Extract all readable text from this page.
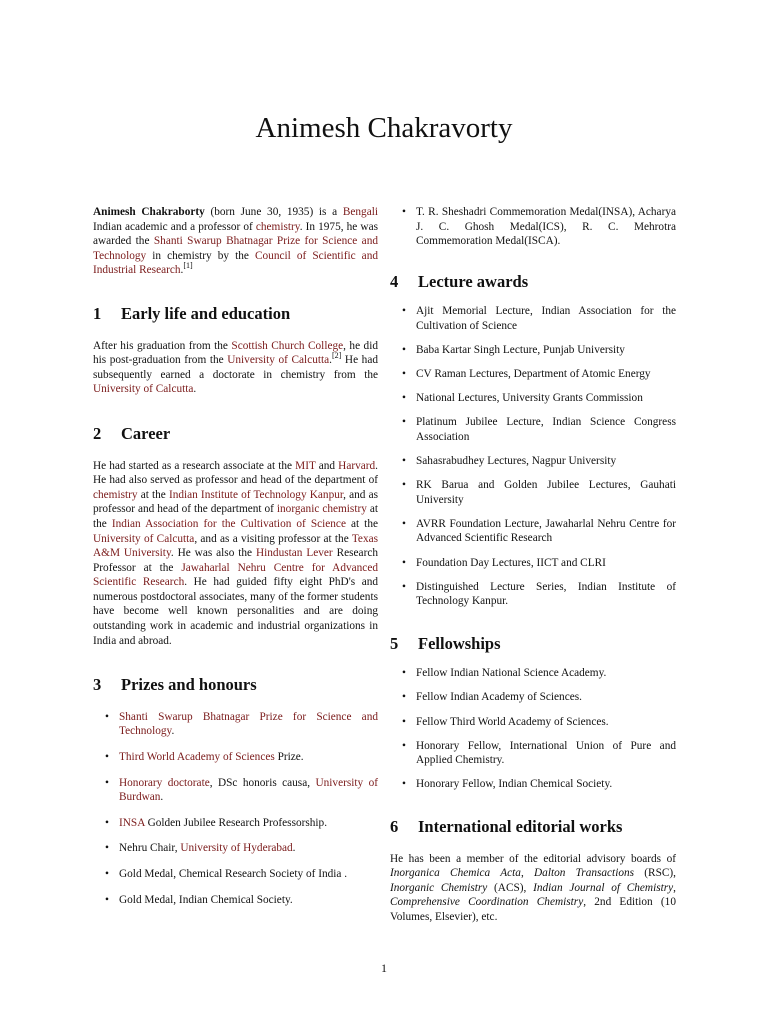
Animesh Chakravorty

Animesh Chakraborty (born June 30, 1935) is a Bengali Indian academic and a professor of chemistry. In 1975, he was awarded the Shanti Swarup Bhatnagar Prize for Science and Technology in chemistry by the Council of Scientific and Industrial Research.[1]

1	Early life and education

After his graduation from the Scottish Church College, he did his post-graduation from the University of Calcutta.[2] He had subsequently earned a doctorate in chemistry from the University of Calcutta.

2	Career

He had started as a research associate at the MIT and Harvard. He had also served as professor and head of the department of chemistry at the Indian Institute of Technology Kanpur, and as professor and head of the department of inorganic chemistry at the Indian Association for the Cultivation of Science at the University of Calcutta, and as a visiting professor at the Texas A&M University. He was also the Hindustan Lever Research Professor at the Jawaharlal Nehru Centre for Advanced Scientific Research. He had guided fifty eight PhD's and numerous postdoctoral associates, many of the former students have become well known personalities and are doing outstanding work in academic and industrial organizations in India and abroad.

3	Prizes and honours
• Shanti Swarup Bhatnagar Prize for Science and Technology.
• Third World Academy of Sciences Prize.
• Honorary doctorate, DSc honoris causa, University of Burdwan.
• INSA Golden Jubilee Research Professorship.
• Nehru Chair, University of Hyderabad.
• Gold Medal, Chemical Research Society of India .
• Gold Medal, Indian Chemical Society.
• T. R. Sheshadri Commemoration Medal(INSA), Acharya J. C. Ghosh Medal(ICS), R. C. Mehrotra Commemoration Medal(ISCA).
4	Lecture awards
• Ajit Memorial Lecture, Indian Association for the Cultivation of Science
• Baba Kartar Singh Lecture, Punjab University
• CV Raman Lectures, Department of Atomic Energy
• National Lectures, University Grants Commission
• Platinum Jubilee Lecture, Indian Science Congress Association
• Sahasrabudhey Lectures, Nagpur University
• RK Barua and Golden Jubilee Lectures, Gauhati University
• AVRR Foundation Lecture, Jawaharlal Nehru Centre for Advanced Scientific Research
• Foundation Day Lectures, IICT and CLRI
• Distinguished Lecture Series, Indian Institute of Technology Kanpur.
5	Fellowships
• Fellow Indian National Science Academy.
• Fellow Indian Academy of Sciences.
• Fellow Third World Academy of Sciences.
• Honorary Fellow, International Union of Pure and Applied Chemistry.
• Honorary Fellow, Indian Chemical Society.
6	International editorial works

He has been a member of the editorial advisory boards of Inorganica Chemica Acta, Dalton Transactions (RSC), Inorganic Chemistry (ACS), Indian Journal of Chemistry, Comprehensive Coordination Chemistry, 2nd Edition (10 Volumes, Elsevier), etc.

1
